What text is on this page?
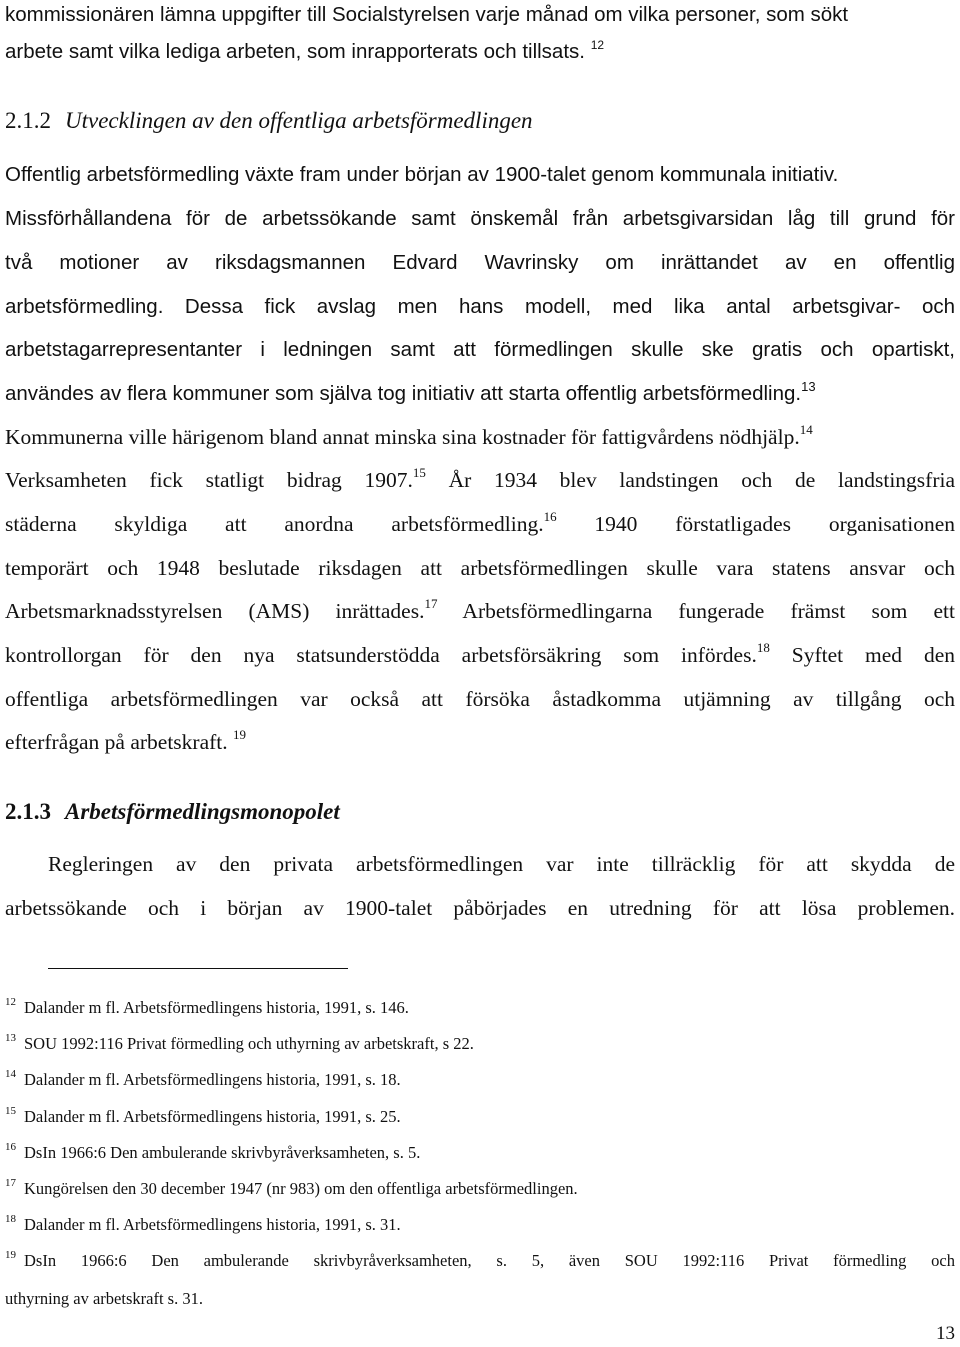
kommissionären lämna uppgifter till Socialstyrelsen varje månad om vilka personer, som sökt
arbete samt vilka lediga arbeten, som inrapporterats och tillsats. $^{12}$
2.1.2 Utvecklingen av den offentliga arbetsförmedlingen
Offentlig arbetsförmedling växte fram under början av 1900-talet genom kommunala initiativ.
Missförhållandena för de arbetssökande samt önskemål från arbetsgivarsidan låg till grund för
två motioner av riksdagsmannen Edvard Wavrinsky om inrättandet av en offentlig
arbetsförmedling. Dessa fick avslag men hans modell, med lika antal arbetsgivar- och
arbetstagarrepresentanter i ledningen samt att förmedlingen skulle ske gratis och opartiskt,
användes av flera kommuner som själva tog initiativ att starta offentlig arbetsförmedling.$^{13}$
Kommunerna ville härigenom bland annat minska sina kostnader för fattigvårdens nödhjälp.$^{14}$
Verksamheten fick statligt bidrag 1907.15 År 1934 blev landstingen och de landstingsfria
städerna skyldiga att anordna arbetsförmedling.$^{16}$ 1940 förstatligades organisationen
temporärt och 1948 beslutade riksdagen att arbetsförmedlingen skulle vara statens ansvar och
Arbetsmarknadsstyrelsen (AMS) inrättades.$^{17}$ Arbetsförmedlingarna fungerade främst som ett
kontrollorgan för den nya statsunderstödda arbetsförsäkring som infördes.$^{18}$ Syftet med den
offentliga arbetsförmedlingen var också att försöka åstadkomma utjämning av tillgång och
efterfrågan på arbetskraft. $^{19}$
2.1.3 Arbetsförmedlingsmonopolet
Regleringen av den privata arbetsförmedlingen var inte tillräcklig för att skydda de
arbetssökande och i början av 1900-talet påbörjades en utredning för att lösa problemen.
$^{12}$ Dalander m fl. Arbetsförmedlingens historia, 1991, s. 146.
$^{13}$ SOU 1992:116 Privat förmedling och uthyrning av arbetskraft, s 22.
$^{14}$ Dalander m fl. Arbetsförmedlingens historia, 1991, s. 18.
$^{15}$ Dalander m fl. Arbetsförmedlingens historia, 1991, s. 25.
$^{16}$ DsIn 1966:6 Den ambulerande skrivbyråverksamheten, s. 5.
$^{17}$ Kungörelsen den 30 december 1947 (nr 983) om den offentliga arbetsförmedlingen.
$^{18}$ Dalander m fl. Arbetsförmedlingens historia, 1991, s. 31.
$^{19}$ DsIn 1966:6 Den ambulerande skrivbyråverksamheten, s. 5, även SOU 1992:116 Privat förmedling och
uthyrning av arbetskraft s. 31.
13
